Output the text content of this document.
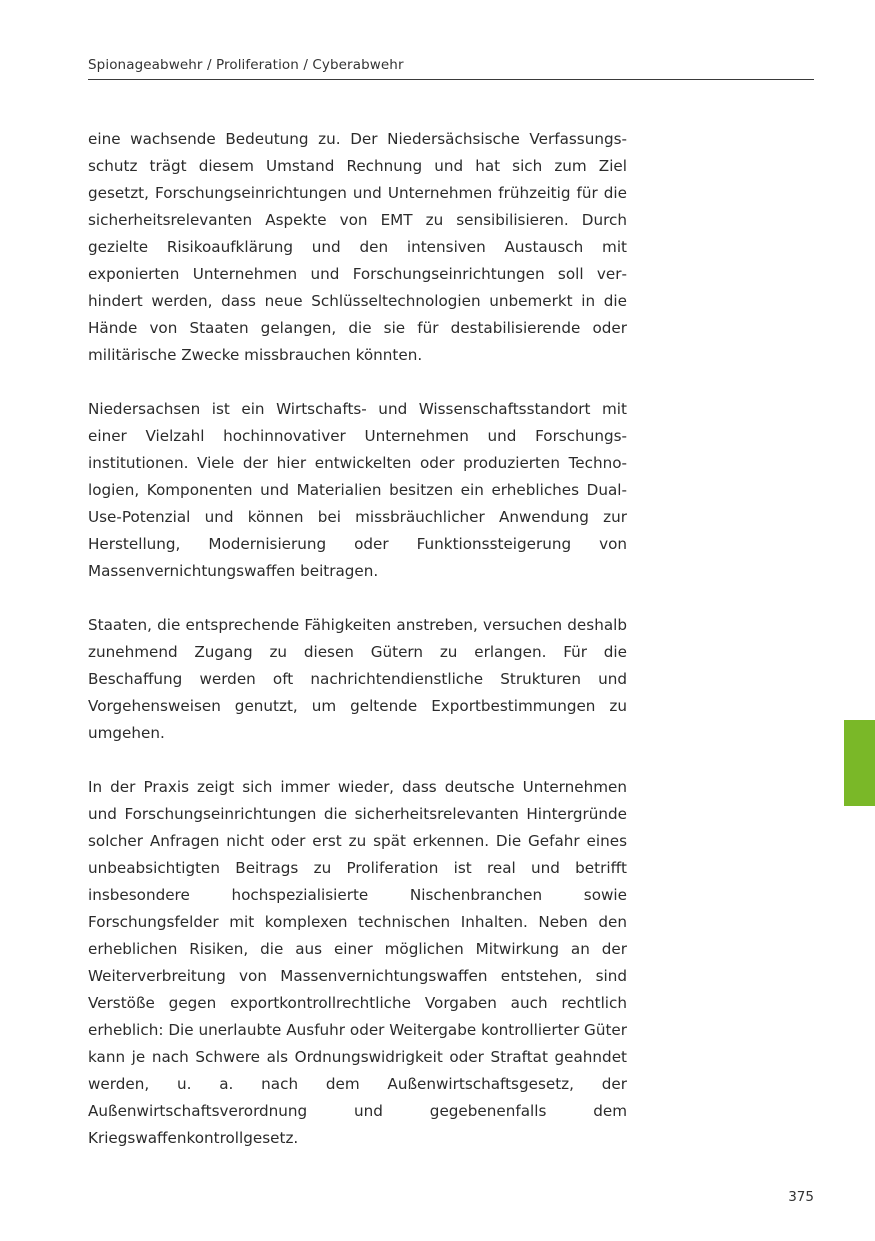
Spionageabwehr / Proliferation / Cyberabwehr

eine wachsende Bedeutung zu. Der Niedersächsische Verfassungsschutz trägt diesem Umstand Rechnung und hat sich zum Ziel gesetzt, Forschungseinrichtungen und Unternehmen frühzeitig für die sicherheitsrelevanten Aspekte von EMT zu sensibilisieren. Durch gezielte Risikoaufklärung und den intensiven Austausch mit exponierten Unternehmen und Forschungseinrichtungen soll verhindert werden, dass neue Schlüsseltechnologien unbemerkt in die Hände von Staaten gelangen, die sie für destabilisierende oder militärische Zwecke missbrauchen könnten.

Niedersachsen ist ein Wirtschafts- und Wissenschaftsstandort mit einer Vielzahl hochinnovativer Unternehmen und Forschungsinstitutionen. Viele der hier entwickelten oder produzierten Technologien, Komponenten und Materialien besitzen ein erhebliches Dual-Use-Potenzial und können bei missbräuchlicher Anwendung zur Herstellung, Modernisierung oder Funktionssteigerung von Massenvernichtungswaffen beitragen.

Staaten, die entsprechende Fähigkeiten anstreben, versuchen deshalb zunehmend Zugang zu diesen Gütern zu erlangen. Für die Beschaffung werden oft nachrichtendienstliche Strukturen und Vorgehensweisen genutzt, um geltende Exportbestimmungen zu umgehen.

In der Praxis zeigt sich immer wieder, dass deutsche Unternehmen und Forschungseinrichtungen die sicherheitsrelevanten Hintergründe solcher Anfragen nicht oder erst zu spät erkennen. Die Gefahr eines unbeabsichtigten Beitrags zu Proliferation ist real und betrifft insbesondere hochspezialisierte Nischenbranchen sowie Forschungsfelder mit komplexen technischen Inhalten. Neben den erheblichen Risiken, die aus einer möglichen Mitwirkung an der Weiterverbreitung von Massenvernichtungswaffen entstehen, sind Verstöße gegen exportkontrollrechtliche Vorgaben auch rechtlich erheblich: Die unerlaubte Ausfuhr oder Weitergabe kontrollierter Güter kann je nach Schwere als Ordnungswidrigkeit oder Straftat geahndet werden, u. a. nach dem Außenwirtschaftsgesetz, der Außenwirtschaftsverordnung und gegebenenfalls dem Kriegswaffenkontrollgesetz.

375
